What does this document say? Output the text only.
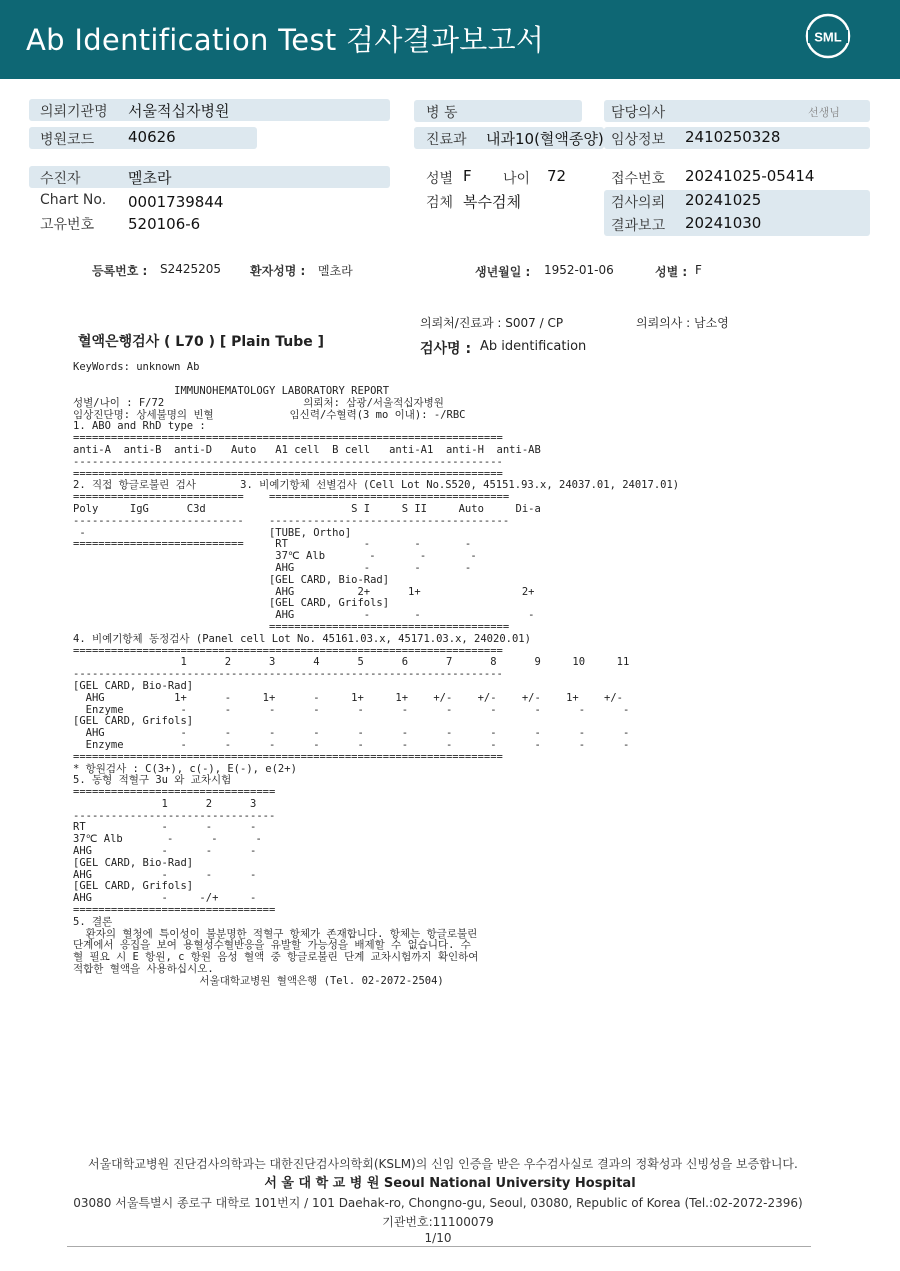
Ab Identification Test 검사결과보고서	SML
의뢰기관명 서울적십자병원
병원코드 40626
병 동
진료과 내과10(혈액종양)
담당의사	선생님
임상정보 2410250328
수진자	멜초라
Chart No. 0001739844
고유번호 520106-6
성별 F 나이 72
검체 복수검체
접수번호 20241025-05414
검사의뢰 20241025
결과보고 20241030
등록번호 : S2425205 환자성명 : 멜초라	생년월일 : 1952-01-06	성별 : F
의뢰처/진료과 : S007 / CP	의뢰의사 : 남소영
혈액은행검사 ( L70 ) [ Plain Tube ]	검사명 : Ab identification
KeyWords: unknown Ab
IMMUNOHEMATOLOGY LABORATORY REPORT
성별/나이 : F/72                      의뢰처: 삼광/서울적십자병원
임상진단명: 상세불명의 빈혈            임신력/수혈력(3 mo 이내): -/RBC
1. ABO and RhD type :
====================================================================
anti-A  anti-B  anti-D   Auto   A1 cell  B cell   anti-A1  anti-H  anti-AB
--------------------------------------------------------------------
====================================================================
2. 직접 항글로불린 검사       3. 비예기항체 선별검사 (Cell Lot No.S520, 45151.93.x, 24037.01, 24017.01)
===========================    ======================================
Poly     IgG      C3d                       S I     S II     Auto     Di-a
---------------------------    --------------------------------------
-                             [TUBE, Ortho]
===========================     RT            -       -       -
37℃ Alb       -       -       -
AHG           -       -       -
[GEL CARD, Bio-Rad]
AHG          2+      1+                2+
[GEL CARD, Grifols]
AHG           -       -                 -
======================================
4. 비예기항체 동정검사 (Panel cell Lot No. 45161.03.x, 45171.03.x, 24020.01)
====================================================================
1      2      3      4      5      6      7      8      9     10     11
--------------------------------------------------------------------
[GEL CARD, Bio-Rad]
AHG           1+      -     1+      -     1+     1+    +/-    +/-    +/-    1+    +/-
Enzyme         -      -      -      -      -      -      -      -      -      -      -
[GEL CARD, Grifols]
AHG            -      -      -      -      -      -      -      -      -      -      -
Enzyme         -      -      -      -      -      -      -      -      -      -      -
====================================================================
* 항원검사 : C(3+), c(-), E(-), e(2+)
5. 동형 적혈구 3u 와 교차시험
================================
1      2      3
--------------------------------
RT            -      -      -
37℃ Alb       -      -      -
AHG           -      -      -
[GEL CARD, Bio-Rad]
AHG           -      -      -
[GEL CARD, Grifols]
AHG           -     -/+     -
================================
5. 결론
환자의 혈청에 특이성이 불분명한 적혈구 항체가 존재합니다. 항체는 항글로불린
단계에서 응집을 보여 용혈성수혈반응을 유발할 가능성을 배제할 수 없습니다. 수
혈 필요 시 E 항원, c 항원 음성 혈액 중 항글로불린 단계 교차시험까지 확인하여
적합한 혈액을 사용하십시오.
서울대학교병원 혈액은행 (Tel. 02-2072-2504)
서울대학교병원 진단검사의학과는 대한진단검사의학회(KSLM)의 신임 인증을 받은 우수검사실로 결과의 정확성과 신빙성을 보증합니다.
서 울 대 학 교 병 원 Seoul National University Hospital
03080 서울특별시 종로구 대학로 101번지 / 101 Daehak-ro, Chongno-gu, Seoul, 03080, Republic of Korea (Tel.:02-2072-2396)
기관번호:11100079
1/10
